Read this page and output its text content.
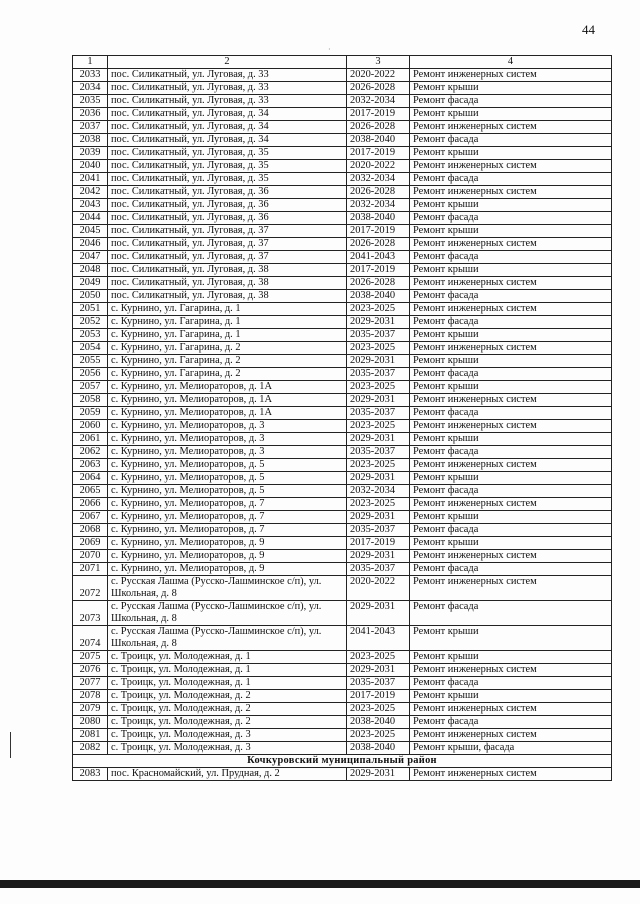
44
·
1	2	3	4
2033	пос. Силикатный, ул. Луговая, д. 33	2020-2022	Ремонт инженерных систем
2034	пос. Силикатный, ул. Луговая, д. 33	2026-2028	Ремонт крыши
2035	пос. Силикатный, ул. Луговая, д. 33	2032-2034	Ремонт фасада
2036	пос. Силикатный, ул. Луговая, д. 34	2017-2019	Ремонт крыши
2037	пос. Силикатный, ул. Луговая, д. 34	2026-2028	Ремонт инженерных систем
2038	пос. Силикатный, ул. Луговая, д. 34	2038-2040	Ремонт фасада
2039	пос. Силикатный, ул. Луговая, д. 35	2017-2019	Ремонт крыши
2040	пос. Силикатный, ул. Луговая, д. 35	2020-2022	Ремонт инженерных систем
2041	пос. Силикатный, ул. Луговая, д. 35	2032-2034	Ремонт фасада
2042	пос. Силикатный, ул. Луговая, д. 36	2026-2028	Ремонт инженерных систем
2043	пос. Силикатный, ул. Луговая, д. 36	2032-2034	Ремонт крыши
2044	пос. Силикатный, ул. Луговая, д. 36	2038-2040	Ремонт фасада
2045	пос. Силикатный, ул. Луговая, д. 37	2017-2019	Ремонт крыши
2046	пос. Силикатный, ул. Луговая, д. 37	2026-2028	Ремонт инженерных систем
2047	пос. Силикатный, ул. Луговая, д. 37	2041-2043	Ремонт фасада
2048	пос. Силикатный, ул. Луговая, д. 38	2017-2019	Ремонт крыши
2049	пос. Силикатный, ул. Луговая, д. 38	2026-2028	Ремонт инженерных систем
2050	пос. Силикатный, ул. Луговая, д. 38	2038-2040	Ремонт фасада
2051	с. Курнино, ул. Гагарина, д. 1	2023-2025	Ремонт инженерных систем
2052	с. Курнино, ул. Гагарина, д. 1	2029-2031	Ремонт фасада
2053	с. Курнино, ул. Гагарина, д. 1	2035-2037	Ремонт крыши
2054	с. Курнино, ул. Гагарина, д. 2	2023-2025	Ремонт инженерных систем
2055	с. Курнино, ул. Гагарина, д. 2	2029-2031	Ремонт крыши
2056	с. Курнино, ул. Гагарина, д. 2	2035-2037	Ремонт фасада
2057	с. Курнино, ул. Мелиораторов, д. 1А	2023-2025	Ремонт крыши
2058	с. Курнино, ул. Мелиораторов, д. 1А	2029-2031	Ремонт инженерных систем
2059	с. Курнино, ул. Мелиораторов, д. 1А	2035-2037	Ремонт фасада
2060	с. Курнино, ул. Мелиораторов, д. 3	2023-2025	Ремонт инженерных систем
2061	с. Курнино, ул. Мелиораторов, д. 3	2029-2031	Ремонт крыши
2062	с. Курнино, ул. Мелиораторов, д. 3	2035-2037	Ремонт фасада
2063	с. Курнино, ул. Мелиораторов, д. 5	2023-2025	Ремонт инженерных систем
2064	с. Курнино, ул. Мелиораторов, д. 5	2029-2031	Ремонт крыши
2065	с. Курнино, ул. Мелиораторов, д. 5	2032-2034	Ремонт фасада
2066	с. Курнино, ул. Мелиораторов, д. 7	2023-2025	Ремонт инженерных систем
2067	с. Курнино, ул. Мелиораторов, д. 7	2029-2031	Ремонт крыши
2068	с. Курнино, ул. Мелиораторов, д. 7	2035-2037	Ремонт фасада
2069	с. Курнино, ул. Мелиораторов, д. 9	2017-2019	Ремонт крыши
2070	с. Курнино, ул. Мелиораторов, д. 9	2029-2031	Ремонт инженерных систем
2071	с. Курнино, ул. Мелиораторов, д. 9	2035-2037	Ремонт фасада
2072	с. Русская Лашма (Русско-Лашминское с/п), ул. Школьная, д. 8	2020-2022	Ремонт инженерных систем
2073	с. Русская Лашма (Русско-Лашминское с/п), ул. Школьная, д. 8	2029-2031	Ремонт фасада
2074	с. Русская Лашма (Русско-Лашминское с/п), ул. Школьная, д. 8	2041-2043	Ремонт крыши
2075	с. Троицк, ул. Молодежная, д. 1	2023-2025	Ремонт крыши
2076	с. Троицк, ул. Молодежная, д. 1	2029-2031	Ремонт инженерных систем
2077	с. Троицк, ул. Молодежная, д. 1	2035-2037	Ремонт фасада
2078	с. Троицк, ул. Молодежная, д. 2	2017-2019	Ремонт крыши
2079	с. Троицк, ул. Молодежная, д. 2	2023-2025	Ремонт инженерных систем
2080	с. Троицк, ул. Молодежная, д. 2	2038-2040	Ремонт фасада
2081	с. Троицк, ул. Молодежная, д. 3	2023-2025	Ремонт инженерных систем
2082	с. Троицк, ул. Молодежная, д. 3	2038-2040	Ремонт крыши, фасада
Кочкуровский муниципальный район			
2083	пос. Красномайский, ул. Прудная, д. 2	2029-2031	Ремонт инженерных систем
